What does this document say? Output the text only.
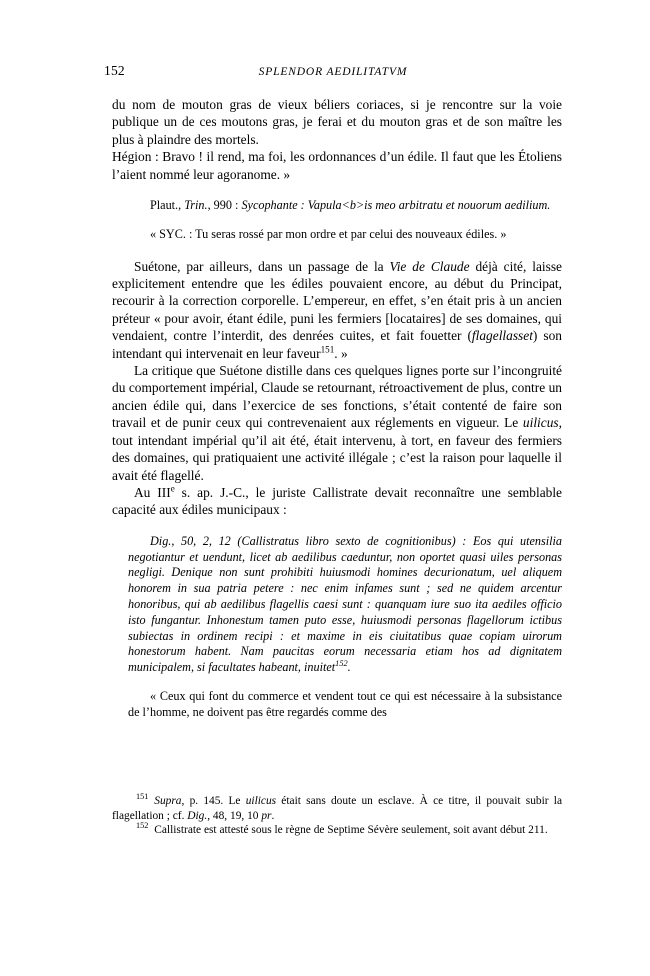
152	SPLENDOR AEDILITATVM

du nom de mouton gras de vieux béliers coriaces, si je rencontre sur la voie publique un de ces moutons gras, je ferai et du mouton gras et de son maître les plus à plaindre des mortels.

Hégion : Bravo ! il rend, ma foi, les ordonnances d’un édile. Il faut que les Étoliens l’aient nommé leur agoranome. »

Plaut., Trin., 990 : Sycophante : Vapula<b>is meo arbitratu et nouorum aedilium.

« SYC. : Tu seras rossé par mon ordre et par celui des nouveaux édiles. »

Suétone, par ailleurs, dans un passage de la Vie de Claude déjà cité, laisse explicitement entendre que les édiles pouvaient encore, au début du Principat, recourir à la correction corporelle. L’empereur, en effet, s’en était pris à un ancien préteur « pour avoir, étant édile, puni les fermiers [locataires] de ses domaines, qui vendaient, contre l’interdit, des denrées cuites, et fait fouetter (flagellasset) son intendant qui intervenait en leur faveur$^{151}$. »

La critique que Suétone distille dans ces quelques lignes porte sur l’incongruité du comportement impérial, Claude se retournant, rétroactivement de plus, contre un ancien édile qui, dans l’exercice de ses fonctions, s’était contenté de faire son travail et de punir ceux qui contrevenaient aux réglements en vigueur. Le uilicus, tout intendant impérial qu’il ait été, était intervenu, à tort, en faveur des fermiers des domaines, qui pratiquaient une activité illégale ; c’est la raison pour laquelle il avait été flagellé.

Au IIIe s. ap. J.-C., le juriste Callistrate devait reconnaître une semblable capacité aux édiles municipaux :

Dig., 50, 2, 12 (Callistratus libro sexto de cognitionibus) : Eos qui utensilia negotiantur et uendunt, licet ab aedilibus caeduntur, non oportet quasi uiles personas negligi. Denique non sunt prohibiti huiusmodi homines decurionatum, uel aliquem honorem in sua patria petere : nec enim infames sunt ; sed ne quidem arcentur honoribus, qui ab aedilibus flagellis caesi sunt : quanquam iure suo ita aediles officio isto fungantur. Inhonestum tamen puto esse, huiusmodi personas flagellorum ictibus subiectas in ordinem recipi : et maxime in eis ciuitatibus quae copiam uirorum honestorum habent. Nam paucitas eorum necessaria etiam hos ad dignitatem municipalem, si facultates habeant, inuitet$^{152}$.

« Ceux qui font du commerce et vendent tout ce qui est nécessaire à la subsistance de l’homme, ne doivent pas être regardés comme des

$^{151}$ Supra, p. 145. Le uilicus était sans doute un esclave. À ce titre, il pouvait subir la flagellation ; cf. Dig., 48, 19, 10 pr.

$^{152}$ Callistrate est attesté sous le règne de Septime Sévère seulement, soit avant début 211.
